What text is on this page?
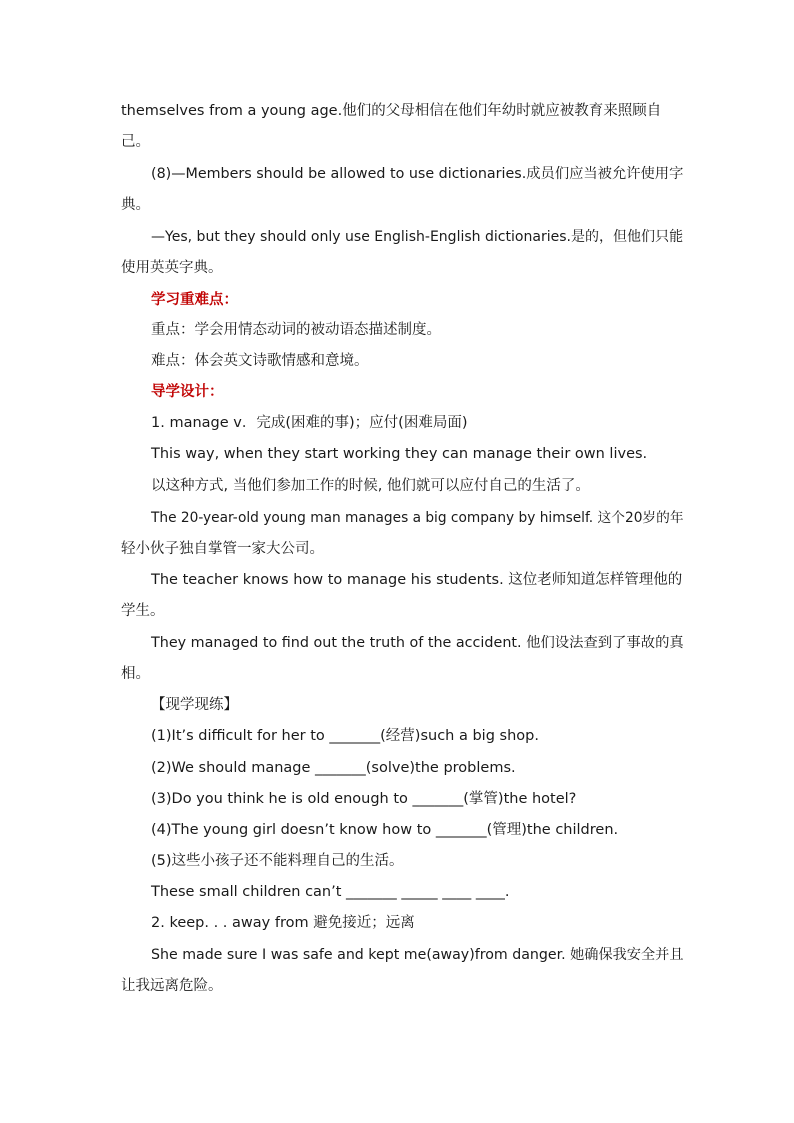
themselves from a young age.他们的父母相信在他们年幼时就应被教育来照顾自
己。
(8)—Members should be allowed to use dictionaries.成员们应当被允许使用字
典。
—Yes, but they should only use English-English dictionaries.是的，但他们只能
使用英英字典。
学习重难点：
重点：学会用情态动词的被动语态描述制度。
难点：体会英文诗歌情感和意境。
导学设计：
1. manage v．完成(困难的事)；应付(困难局面)
This way, when they start working they can manage their own lives.
以这种方式, 当他们参加工作的时候, 他们就可以应付自己的生活了。
The 20-year-old young man manages a big company by himself. 这个20岁的年
轻小伙子独自掌管一家大公司。
The teacher knows how to manage his students. 这位老师知道怎样管理他的
学生。
They managed to find out the truth of the accident. 他们设法查到了事故的真
相。
【现学现练】
(1)It’s difficult for her to _______(经营)such a big shop.
(2)We should manage _______(solve)the problems.
(3)Do you think he is old enough to _______(掌管)the hotel?
(4)The young girl doesn’t know how to _______(管理)the children.
(5)这些小孩子还不能料理自己的生活。
These small children can’t _______ _____ ____ ____.
2. keep. . . away from 避免接近；远离
She made sure I was safe and kept me(away)from danger. 她确保我安全并且
让我远离危险。
